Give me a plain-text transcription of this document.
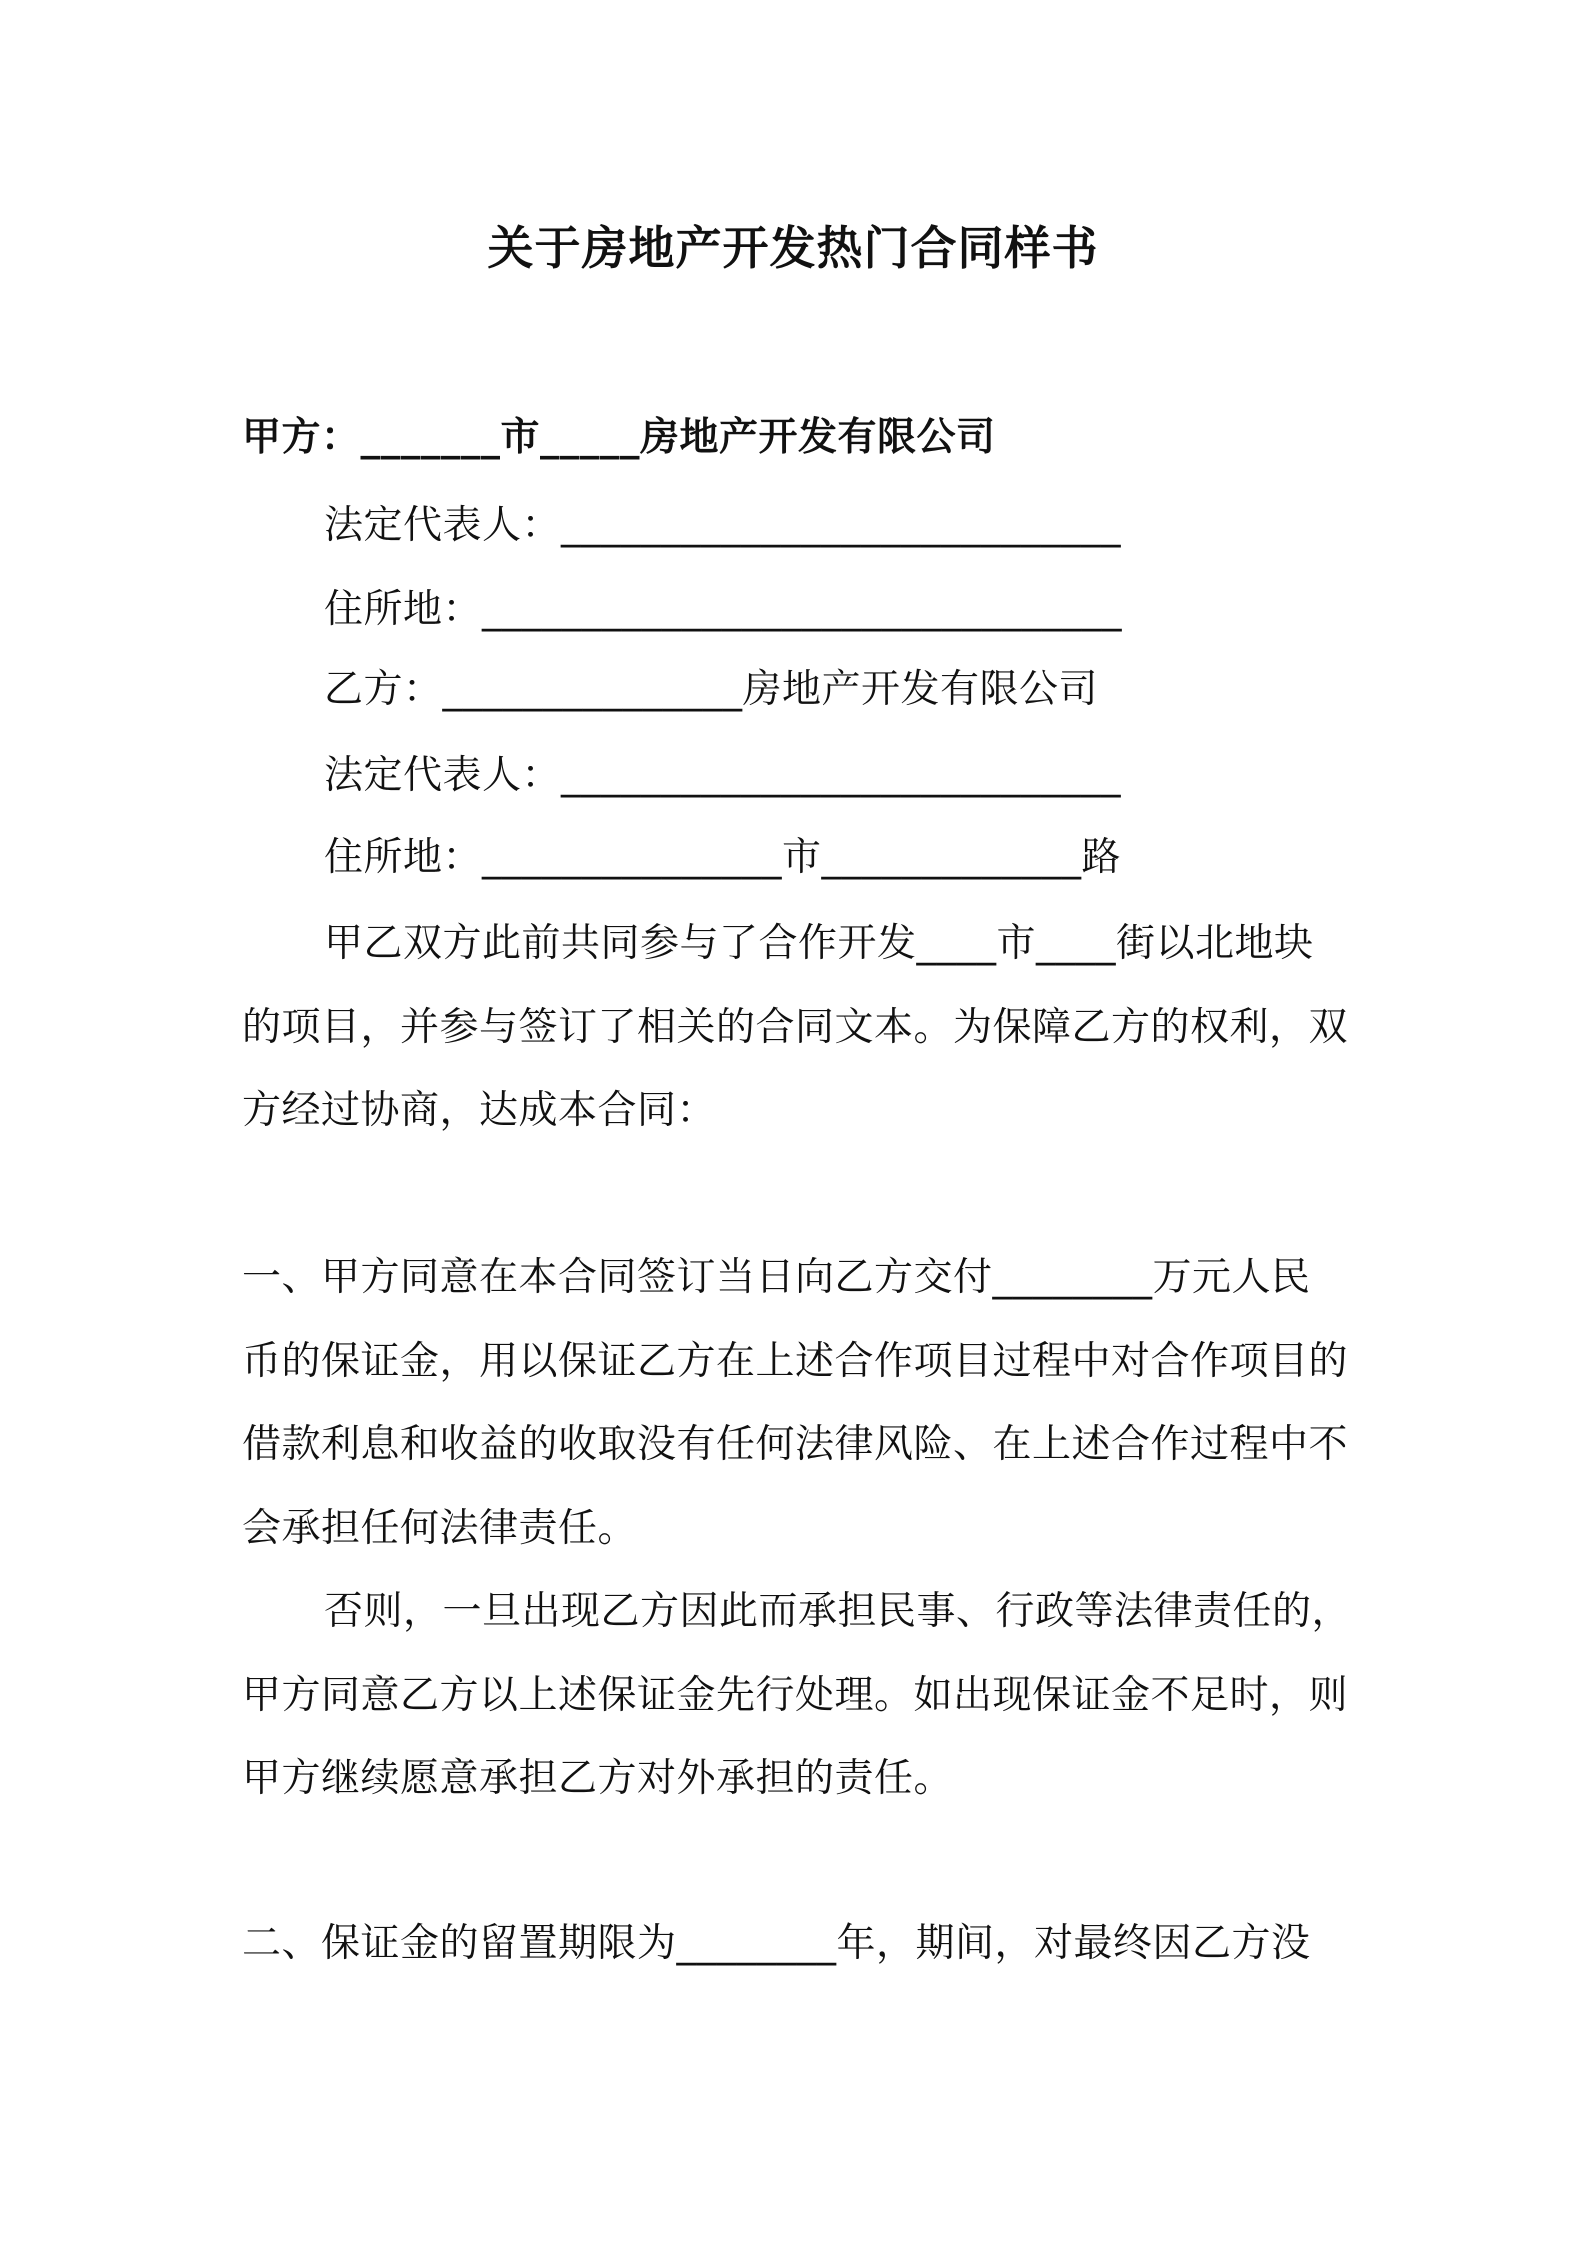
关于房地产开发热门合同样书
甲方：_______市_____房地产开发有限公司
法定代表人：____________________________
住所地：________________________________
乙方：_______________房地产开发有限公司
法定代表人：____________________________
住所地：_______________市_____________路
甲乙双方此前共同参与了合作开发____市____街以北地块
的项目，并参与签订了相关的合同文本。为保障乙方的权利，双
方经过协商，达成本合同：
一、甲方同意在本合同签订当日向乙方交付________万元人民
币的保证金，用以保证乙方在上述合作项目过程中对合作项目的
借款利息和收益的收取没有任何法律风险、在上述合作过程中不
会承担任何法律责任。
否则，一旦出现乙方因此而承担民事、行政等法律责任的，
甲方同意乙方以上述保证金先行处理。如出现保证金不足时，则
甲方继续愿意承担乙方对外承担的责任。
二、保证金的留置期限为________年，期间，对最终因乙方没
